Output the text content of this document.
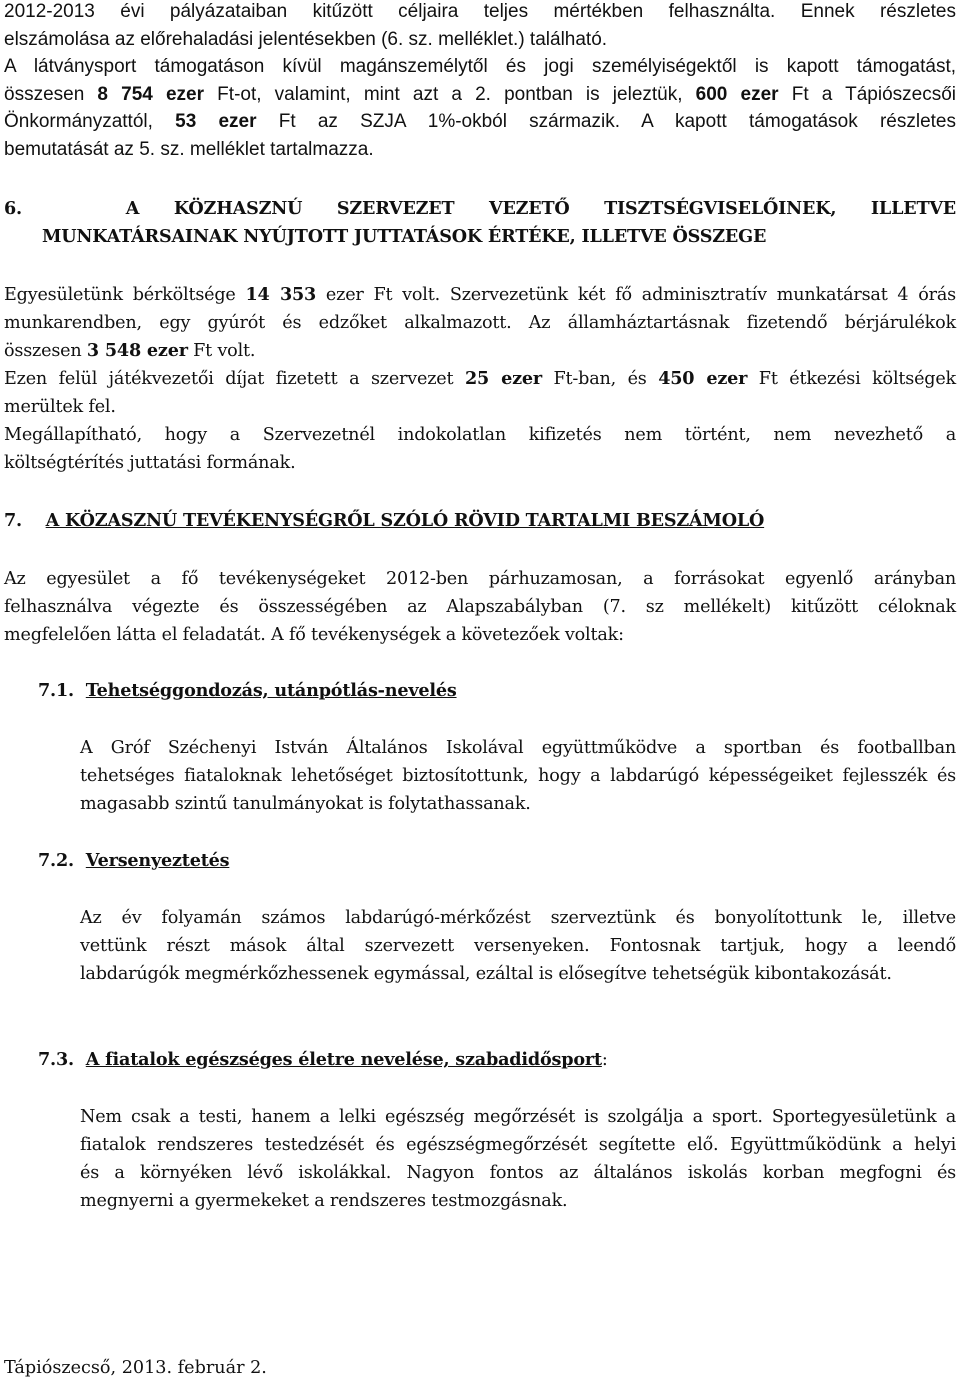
2012-2013 évi pályázataiban kitűzött céljaira teljes mértékben felhasználta. Ennek részletes
elszámolása az előrehaladási jelentésekben (6. sz. melléklet.) található.
A látványsport támogatáson kívül magánszemélytől és jogi személyiségektől is kapott támogatást,
összesen 8 754 ezer Ft-ot, valamint, mint azt a 2. pontban is jeleztük, 600 ezer Ft a Tápiószecsői
Önkormányzattól, 53 ezer Ft az SZJA 1%-okból származik. A kapott támogatások részletes
bemutatását az 5. sz. melléklet tartalmazza.
6.	A KÖZHASZNÚ SZERVEZET VEZETŐ TISZTSÉGVISELŐINEK, ILLETVE
MUNKATÁRSAINAK NYÚJTOTT JUTTATÁSOK ÉRTÉKE, ILLETVE ÖSSZEGE
Egyesületünk bérköltsége 14 353 ezer Ft volt. Szervezetünk két fő adminisztratív munkatársat 4 órás
munkarendben, egy gyúrót és edzőket alkalmazott. Az államháztartásnak fizetendő bérjárulékok
összesen 3 548 ezer Ft volt.
Ezen felül játékvezetői díjat fizetett a szervezet 25 ezer Ft-ban, és 450 ezer Ft étkezési költségek
merültek fel.
Megállapítható, hogy a Szervezetnél indokolatlan kifizetés nem történt, nem nevezhető a
költségtérítés juttatási formának.
7. A KÖZASZNÚ TEVÉKENYSÉGRŐL SZÓLÓ RÖVID TARTALMI BESZÁMOLÓ
Az egyesület a fő tevékenységeket 2012-ben párhuzamosan, a forrásokat egyenlő arányban
felhasználva végezte és összességében az Alapszabályban (7. sz mellékelt) kitűzött céloknak
megfelelően látta el feladatát. A fő tevékenységek a követezőek voltak:
7.1. Tehetséggondozás, utánpótlás-nevelés
A Gróf Széchenyi István Általános Iskolával együttműködve a sportban és footballban
tehetséges fiataloknak lehetőséget biztosítottunk, hogy a labdarúgó képességeiket fejlesszék és
magasabb szintű tanulmányokat is folytathassanak.
7.2. Versenyeztetés
Az év folyamán számos labdarúgó-mérkőzést szerveztünk és bonyolítottunk le, illetve
vettünk részt mások által szervezett versenyeken. Fontosnak tartjuk, hogy a leendő
labdarúgók megmérkőzhessenek egymással, ezáltal is elősegítve tehetségük kibontakozását.
7.3. A fiatalok egészséges életre nevelése, szabadidősport:
Nem csak a testi, hanem a lelki egészség megőrzését is szolgálja a sport. Sportegyesületünk a
fiatalok rendszeres testedzését és egészségmegőrzését segítette elő. Együttműködünk a helyi
és a környéken lévő iskolákkal. Nagyon fontos az általános iskolás korban megfogni és
megnyerni a gyermekeket a rendszeres testmozgásnak.
Tápiószecső, 2013. február 2.
